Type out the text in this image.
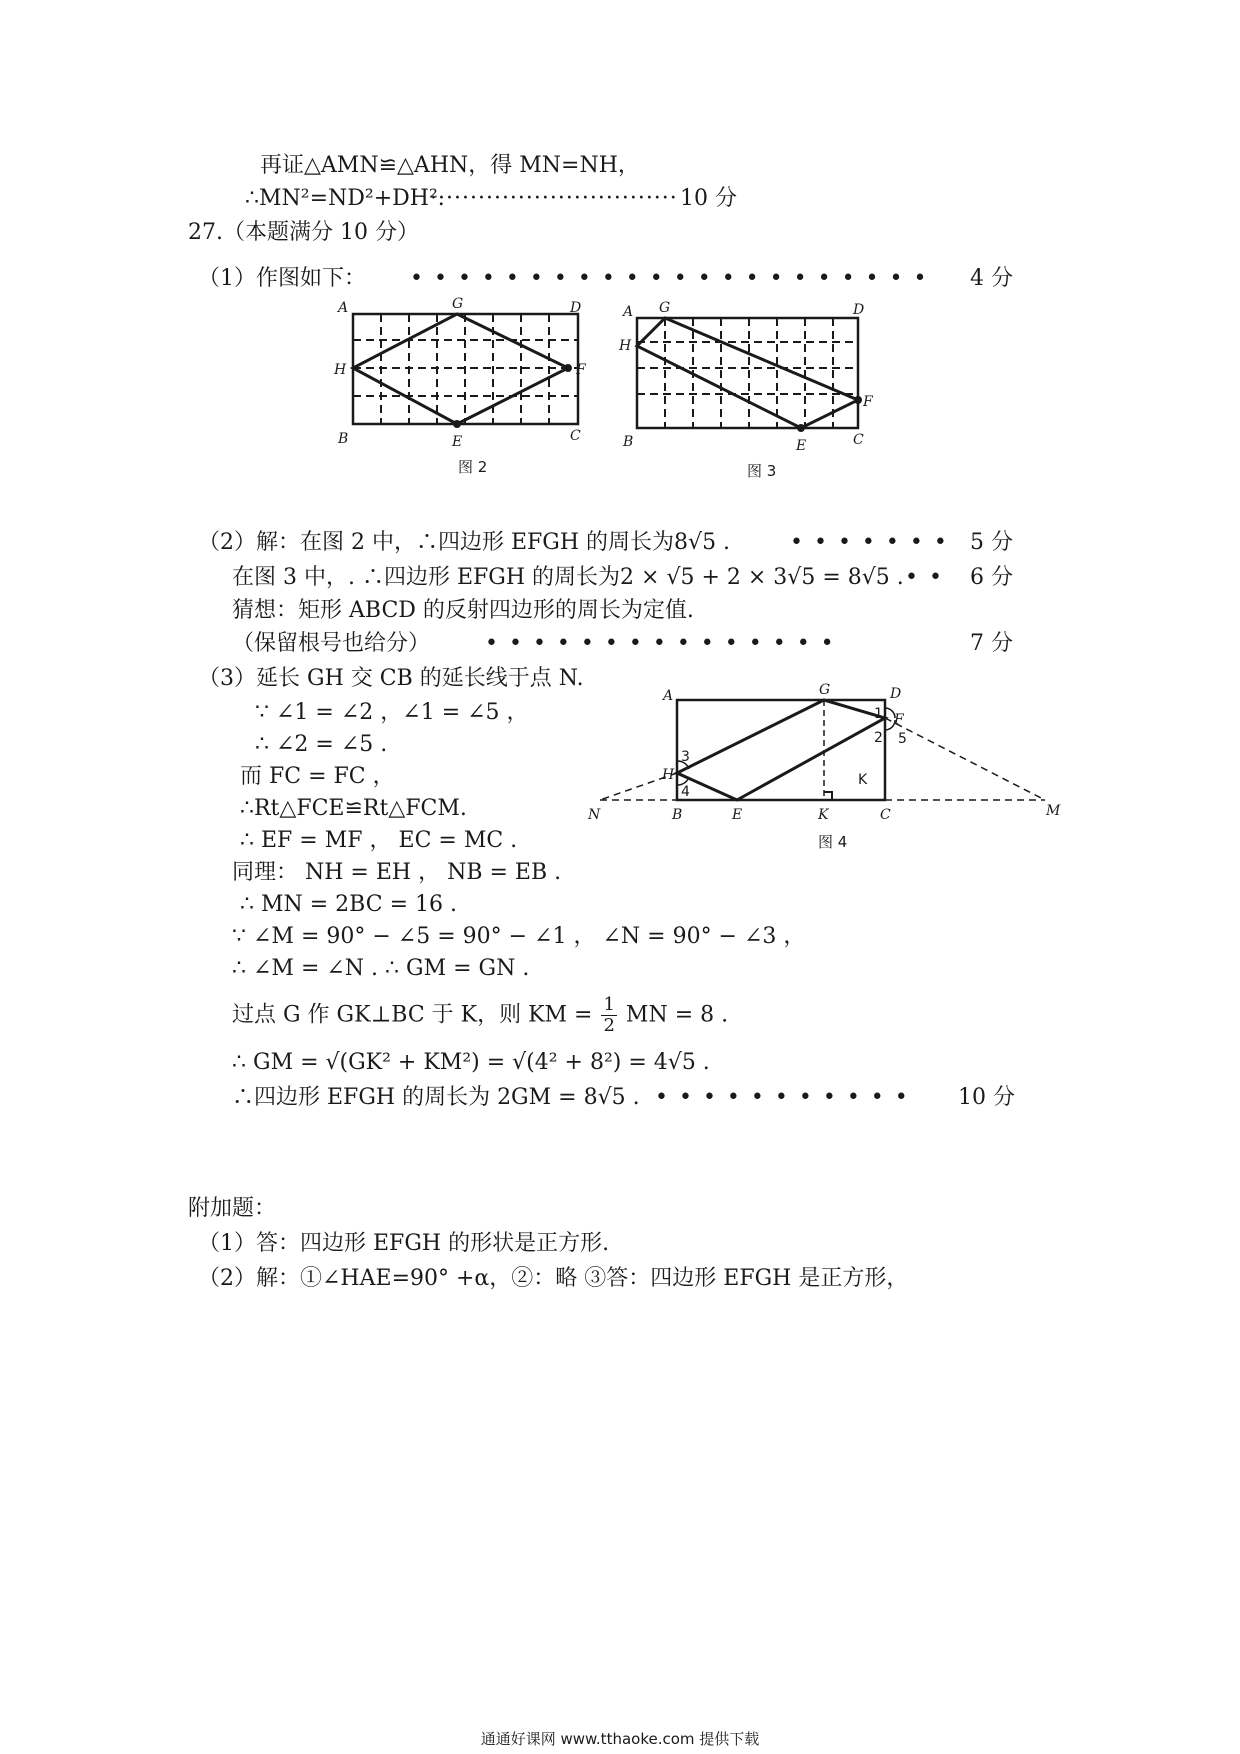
再证△AMN≌△AHN，得 MN=NH，
∴MN²=ND²+DH².
······························· 10 分
27.（本题满分 10 分）
（1）作图如下： •••••••••••••••••••••• 4 分
A	G	D
H	F
B	E	C
图 2
A G	D
H
F
B	E	C
图 3
（2）解：在图 2 中，∴四边形 EFGH 的周长为8√5 .	••••••• 5 分
在图 3 中，. ∴四边形 EFGH 的周长为2 × √5 + 2 × 3√5 = 8√5 . •• 6 分
猜想：矩形 ABCD 的反射四边形的周长为定值.
（保留根号也给分） •••••••••••••••	7 分
（3）延长 GH 交 CB 的延长线于点 N.
∵ ∠1 = ∠2 ，∠1 = ∠5 ，
∴ ∠2 = ∠5 .
而 FC = FC ，
∴Rt△FCE≌Rt△FCM.
∴ EF = MF ， EC = MC .
同理： NH = EH ， NB = EB .
∴ MN = 2BC = 16 .
∵ ∠M = 90° − ∠5 = 90° − ∠1 ， ∠N = 90° − ∠3 ，
∴ ∠M = ∠N . ∴ GM = GN .
过点 G 作 GK⊥BC 于 K，则 KM = $\frac{1}{2}$ MN = 8 .
∴ GM = √(GK² + KM²) = √(4² + 8²) = 4√5 .
∴四边形 EFGH 的周长为 2GM = 8√5 . ••••••••••• 10 分
A	G	D
F
K
H
N	B	E	K	C	M
1
2 5
3
4
图 4
附加题：
（1）答：四边形 EFGH 的形状是正方形.
（2）解：①∠HAE=90° +α，②：略 ③答：四边形 EFGH 是正方形，
通通好课网 www.tthaoke.com 提供下载
